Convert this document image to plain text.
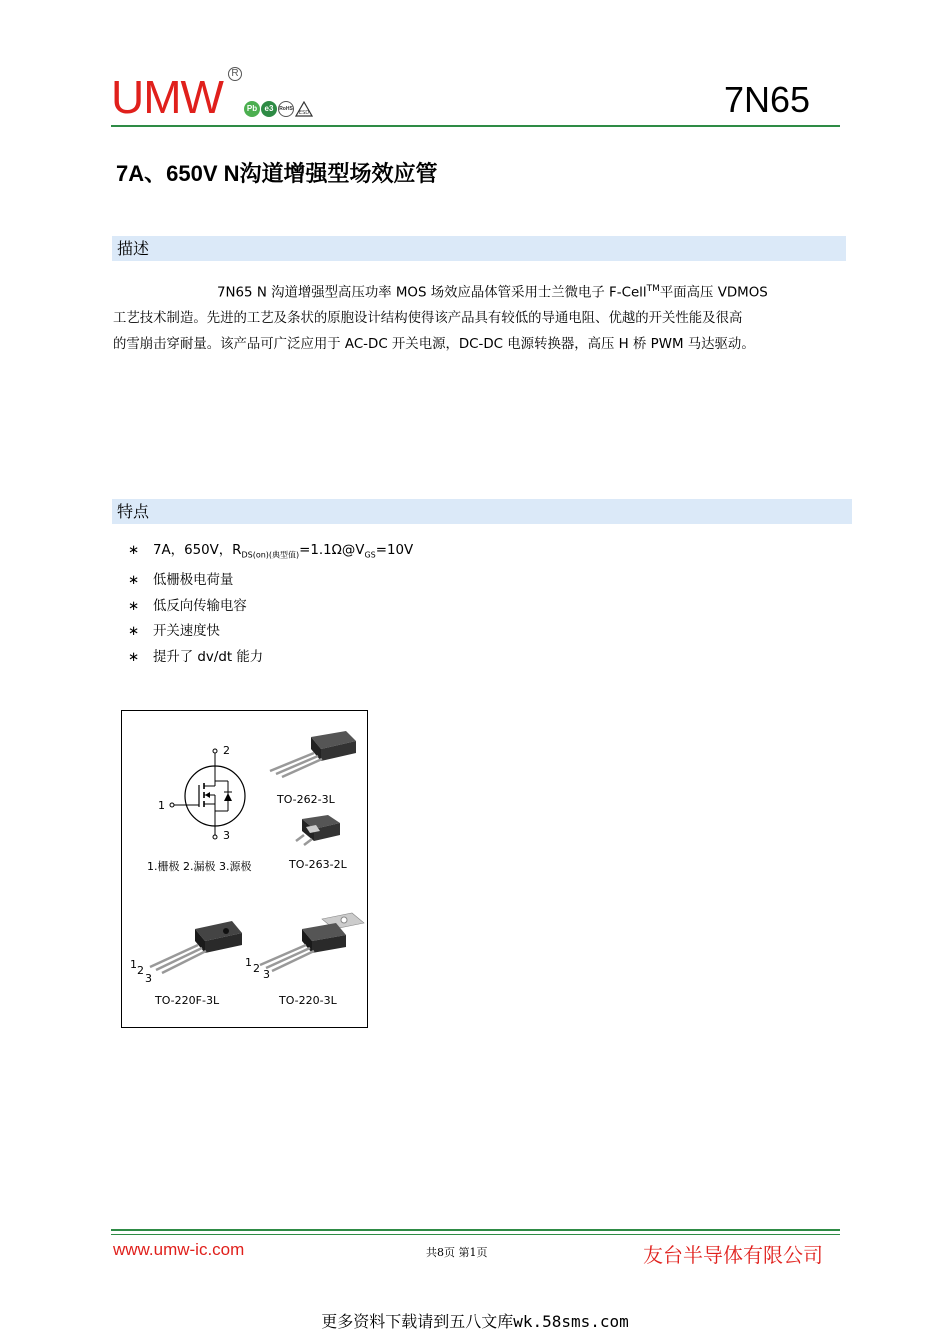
UMW R
Pb e3 RoHS
ESD	7N65
7A、650V N沟道增强型场效应管
描述
7N65 N 沟道增强型高压功率 MOS 场效应晶体管采用士兰微电子 F-Cell™平面高压 VDMOS
工艺技术制造。先进的工艺及条状的原胞设计结构使得该产品具有较低的导通电阻、优越的开关性能及很高
的雪崩击穿耐量。该产品可广泛应用于 AC-DC 开关电源，DC-DC 电源转换器，高压 H 桥 PWM 马达驱动。
特点
∗ 7A，650V，$R_{DS(on)(典型值)}=1.1\Omega@V_{GS}=10V$
∗ 低栅极电荷量
∗ 低反向传输电容
∗ 开关速度快
∗ 提升了 dv/dt 能力
2
1
3
1.栅极 2.漏极 3.源极
TO-262-3L
TO-263-2L
1 2
3
TO-220F-3L
1 2 3
TO-220-3L
www.umw-ic.com	共8页 第1页	友台半导体有限公司
更多资料下载请到五八文库wk.58sms.com
